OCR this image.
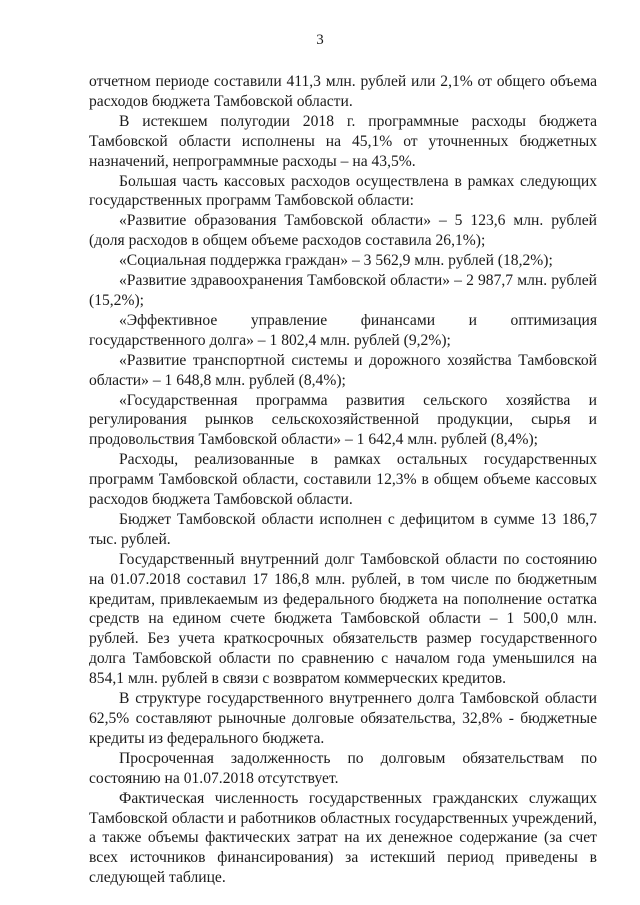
3

отчетном периоде составили 411,3 млн. рублей или 2,1% от общего объема расходов бюджета Тамбовской области.

В истекшем полугодии 2018 г. программные расходы бюджета Тамбовской области исполнены на 45,1% от уточненных бюджетных назначений, непрограммные расходы – на 43,5%.

Большая часть кассовых расходов осуществлена в рамках следующих государственных программ Тамбовской области:

«Развитие образования Тамбовской области» – 5 123,6 млн. рублей (доля расходов в общем объеме расходов составила 26,1%);

«Социальная поддержка граждан» – 3 562,9 млн. рублей (18,2%);

«Развитие здравоохранения Тамбовской области» – 2 987,7 млн. рублей (15,2%);

«Эффективное управление финансами и оптимизация государственного долга» – 1 802,4 млн. рублей (9,2%);

«Развитие транспортной системы и дорожного хозяйства Тамбовской области» – 1 648,8 млн. рублей (8,4%);

«Государственная программа развития сельского хозяйства и регулирования рынков сельскохозяйственной продукции, сырья и продовольствия Тамбовской области» – 1 642,4 млн. рублей (8,4%);

Расходы, реализованные в рамках остальных государственных программ Тамбовской области, составили 12,3% в общем объеме кассовых расходов бюджета Тамбовской области.

Бюджет Тамбовской области исполнен с дефицитом в сумме 13 186,7 тыс. рублей.

Государственный внутренний долг Тамбовской области по состоянию на 01.07.2018 составил 17 186,8 млн. рублей, в том числе по бюджетным кредитам, привлекаемым из федерального бюджета на пополнение остатка средств на едином счете бюджета Тамбовской области – 1 500,0 млн. рублей. Без учета краткосрочных обязательств размер государственного долга Тамбовской области по сравнению с началом года уменьшился на 854,1 млн. рублей в связи с возвратом коммерческих кредитов.

В структуре государственного внутреннего долга Тамбовской области 62,5% составляют рыночные долговые обязательства, 32,8% - бюджетные кредиты из федерального бюджета.

Просроченная задолженность по долговым обязательствам по состоянию на 01.07.2018 отсутствует.

Фактическая численность государственных гражданских служащих Тамбовской области и работников областных государственных учреждений, а также объемы фактических затрат на их денежное содержание (за счет всех источников финансирования) за истекший период приведены в следующей таблице.
